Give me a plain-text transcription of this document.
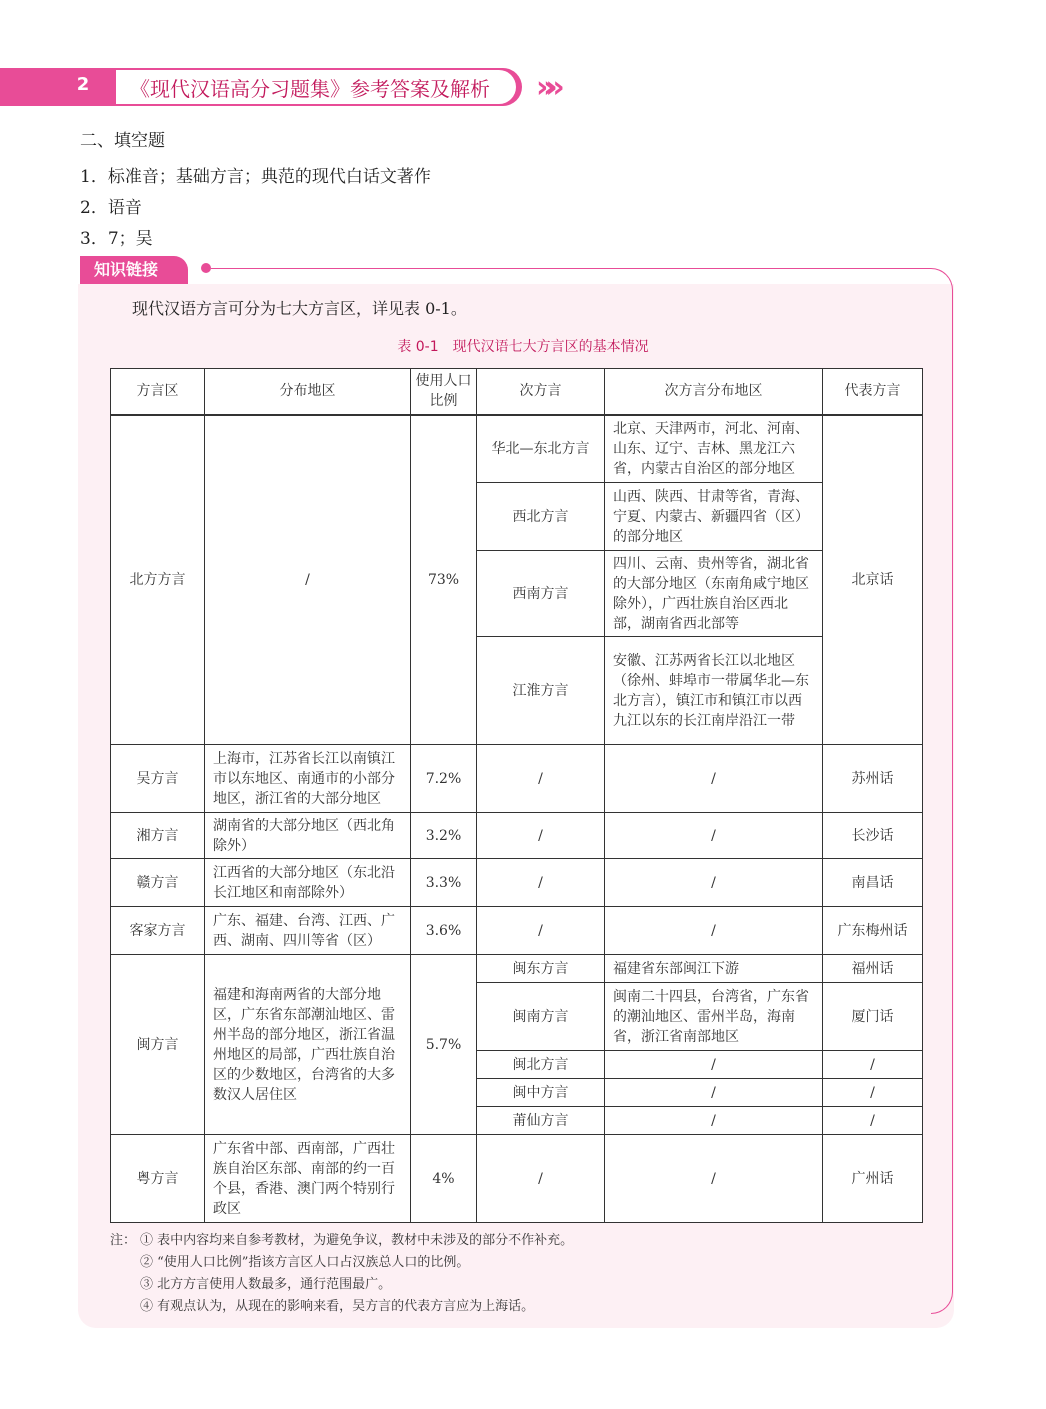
2	《现代汉语高分习题集》参考答案及解析	»»
二、填空题
1．标准音；基础方言；典范的现代白话文著作
2．语音
3．7；吴
知识链接
现代汉语方言可分为七大方言区，详见表 0-1。
表 0-1　现代汉语七大方言区的基本情况
方言区	分布地区	使用人口比例	次方言	次方言分布地区	代表方言
北方方言	/	73%	华北—东北方言	北京、天津两市，河北、河南、山东、辽宁、吉林、黑龙江六省，内蒙古自治区的部分地区	北京话
			西北方言	山西、陕西、甘肃等省，青海、宁夏、内蒙古、新疆四省（区）的部分地区	
			西南方言	四川、云南、贵州等省，湖北省的大部分地区（东南角咸宁地区除外），广西壮族自治区西北部，湖南省西北部等	
			江淮方言	安徽、江苏两省长江以北地区（徐州、蚌埠市一带属华北—东北方言），镇江市和镇江市以西九江以东的长江南岸沿江一带	
吴方言	上海市，江苏省长江以南镇江市以东地区、南通市的小部分地区，浙江省的大部分地区	7.2%	/	/	苏州话
湘方言	湖南省的大部分地区（西北角除外）	3.2%	/	/	长沙话
赣方言	江西省的大部分地区（东北沿长江地区和南部除外）	3.3%	/	/	南昌话
客家方言	广东、福建、台湾、江西、广西、湖南、四川等省（区）	3.6%	/	/	广东梅州话
闽方言	福建和海南两省的大部分地区，广东省东部潮汕地区、雷州半岛的部分地区，浙江省温州地区的局部，广西壮族自治区的少数地区，台湾省的大多数汉人居住区	5.7%	闽东方言	福建省东部闽江下游	福州话
			闽南方言	闽南二十四县，台湾省，广东省的潮汕地区、雷州半岛，海南省，浙江省南部地区	厦门话
			闽北方言	/	/
			闽中方言	/	/
			莆仙方言	/	/
粤方言	广东省中部、西南部，广西壮族自治区东部、南部的约一百个县，香港、澳门两个特别行政区	4%	/	/	广州话
注： ① 表中内容均来自参考教材，为避免争议，教材中未涉及的部分不作补充。
② “使用人口比例”指该方言区人口占汉族总人口的比例。
③ 北方方言使用人数最多，通行范围最广。
④ 有观点认为，从现在的影响来看，吴方言的代表方言应为上海话。
